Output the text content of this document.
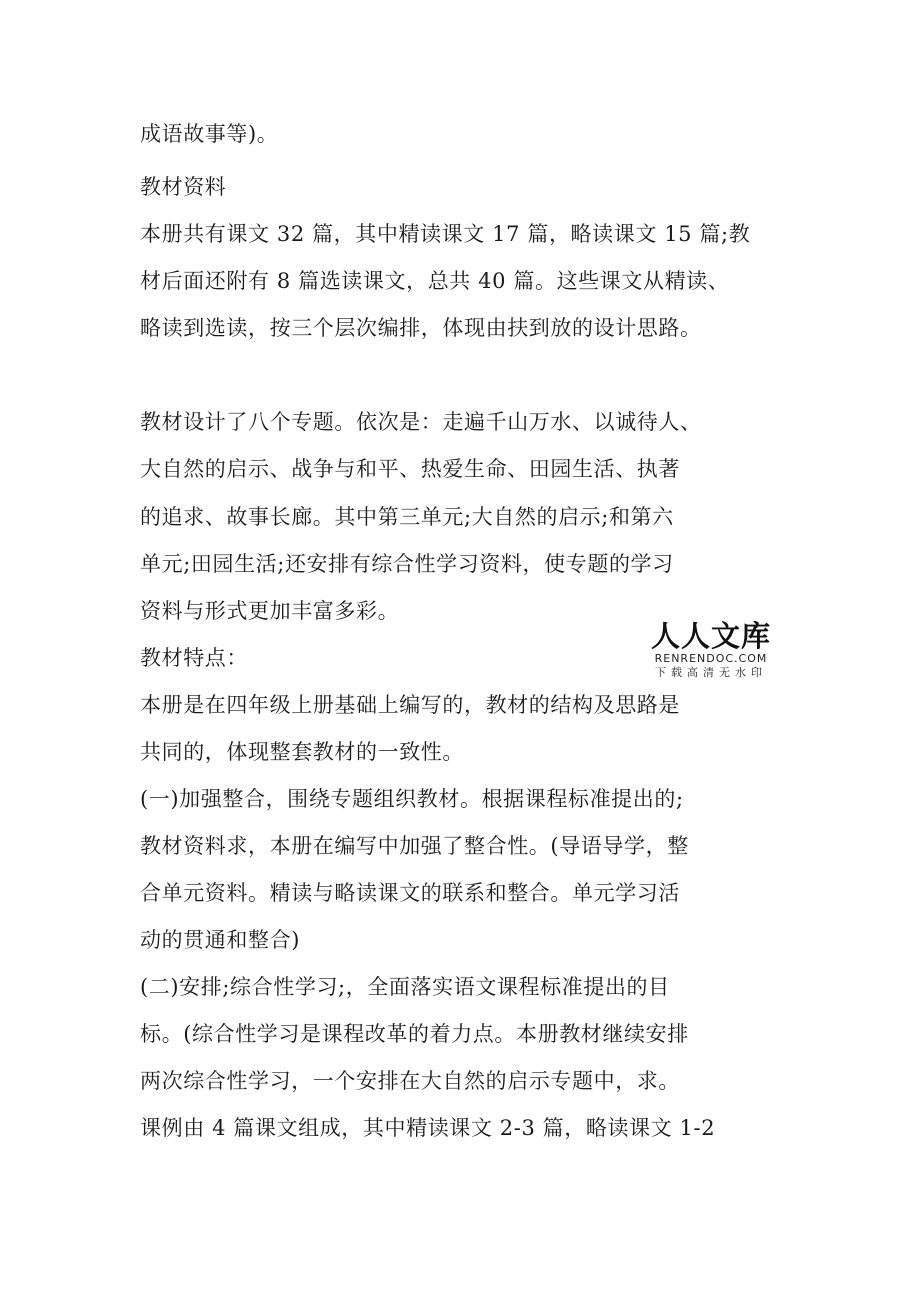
成语故事等)。
教材资料
本册共有课文 32 篇，其中精读课文 17 篇，略读课文 15 篇;教
材后面还附有 8 篇选读课文，总共 40 篇。这些课文从精读、
略读到选读，按三个层次编排，体现由扶到放的设计思路。
教材设计了八个专题。依次是：走遍千山万水、以诚待人、
大自然的启示、战争与和平、热爱生命、田园生活、执著
的追求、故事长廊。其中第三单元;大自然的启示;和第六
单元;田园生活;还安排有综合性学习资料，使专题的学习
资料与形式更加丰富多彩。
教材特点：
本册是在四年级上册基础上编写的，教材的结构及思路是
共同的，体现整套教材的一致性。
(一)加强整合，围绕专题组织教材。根据课程标准提出的;
教材资料求，本册在编写中加强了整合性。(导语导学，整
合单元资料。精读与略读课文的联系和整合。单元学习活
动的贯通和整合)
(二)安排;综合性学习;，全面落实语文课程标准提出的目
标。(综合性学习是课程改革的着力点。本册教材继续安排
两次综合性学习，一个安排在大自然的启示专题中，求。
课例由 4 篇课文组成，其中精读课文 2-3 篇，略读课文 1-2
人人文库
RENRENDOC.COM
下载高清无水印
